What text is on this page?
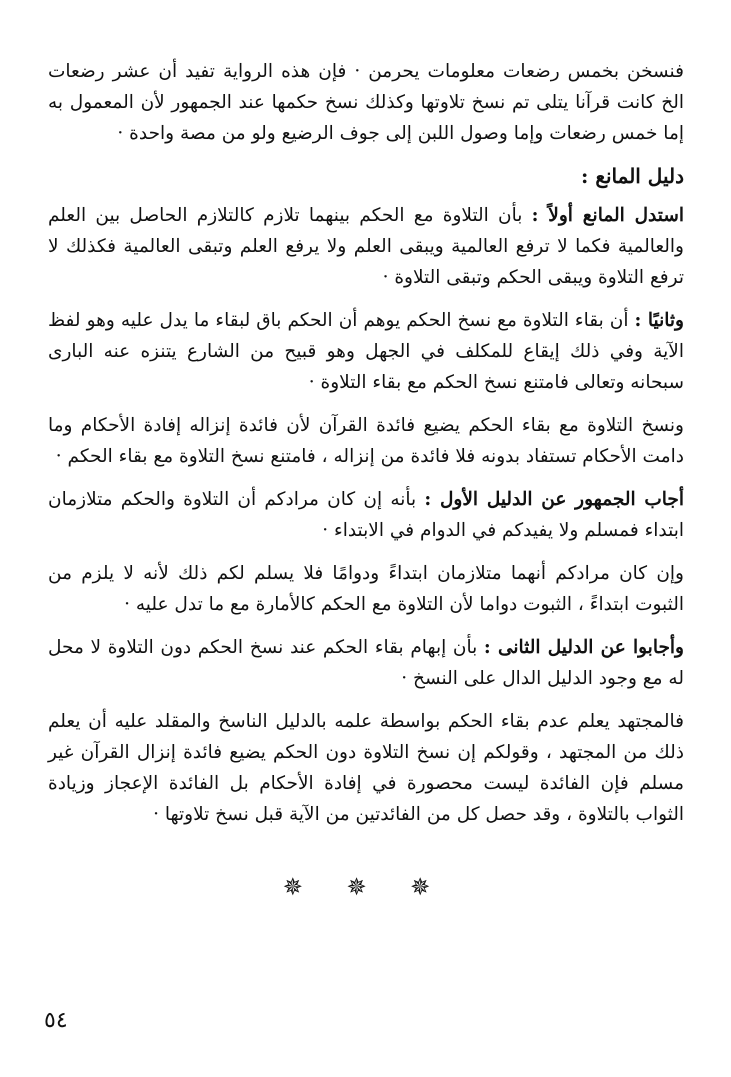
فنسخن بخمس رضعات معلومات يحرمن · فإن هذه الرواية تفيد أن عشر رضعات الخ كانت قرآنا يتلى تم نسخ تلاوتها وكذلك نسخ حكمها عند الجمهور لأن المعمول به إما خمس رضعات وإما وصول اللبن إلى جوف الرضيع ولو من مصة واحدة ·

دليل المانع :

استدل المانع أولاً : بأن التلاوة مع الحكم بينهما تلازم كالتلازم الحاصل بين العلم والعالمية فكما لا ترفع العالمية ويبقى العلم ولا يرفع العلم وتبقى العالمية فكذلك لا ترفع التلاوة ويبقى الحكم وتبقى التلاوة ·

وثانيًا : أن بقاء التلاوة مع نسخ الحكم يوهم أن الحكم باق لبقاء ما يدل عليه وهو لفظ الآية وفي ذلك إيقاع للمكلف في الجهل وهو قبيح من الشارع يتنزه عنه البارى سبحانه وتعالى فامتنع نسخ الحكم مع بقاء التلاوة ·

ونسخ التلاوة مع بقاء الحكم يضيع فائدة القرآن لأن فائدة إنزاله إفادة الأحكام وما دامت الأحكام تستفاد بدونه فلا فائدة من إنزاله ، فامتنع نسخ التلاوة مع بقاء الحكم ·

أجاب الجمهور عن الدليل الأول : بأنه إن كان مرادكم أن التلاوة والحكم متلازمان ابتداء فمسلم ولا يفيدكم في الدوام في الابتداء ·

وإن كان مرادكم أنهما متلازمان ابتداءً ودوامًا فلا يسلم لكم ذلك لأنه لا يلزم من الثبوت ابتداءً ، الثبوت دواما لأن التلاوة مع الحكم كالأمارة مع ما تدل عليه ·

وأجابوا عن الدليل الثانى : بأن إبهام بقاء الحكم عند نسخ الحكم دون التلاوة لا محل له مع وجود الدليل الدال على النسخ ·

فالمجتهد يعلم عدم بقاء الحكم بواسطة علمه بالدليل الناسخ والمقلد عليه أن يعلم ذلك من المجتهد ، وقولكم إن نسخ التلاوة دون الحكم يضيع فائدة إنزال القرآن غير مسلم فإن الفائدة ليست محصورة في إفادة الأحكام بل الفائدة الإعجاز وزيادة الثواب بالتلاوة ، وقد حصل كل من الفائدتين من الآية قبل نسخ تلاوتها ·

✵ ✵ ✵
٥٤
